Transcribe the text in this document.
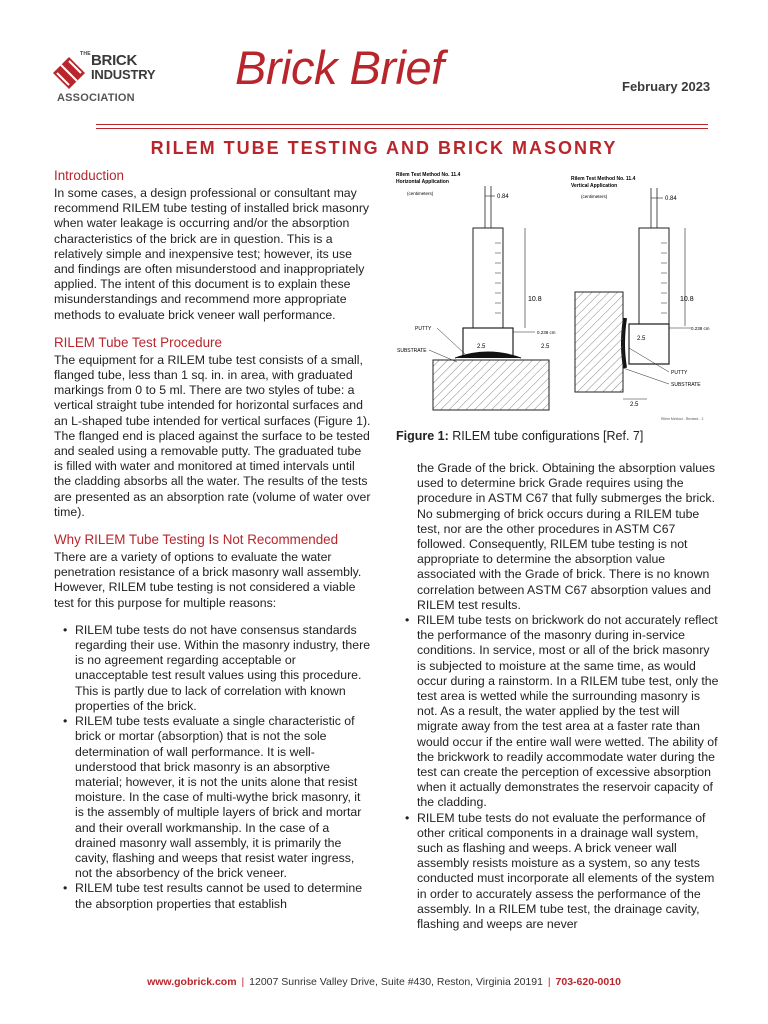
THE BRICK
INDUSTRY
ASSOCIATION
Brick Brief	February 2023
RILEM TUBE TESTING AND BRICK MASONRY
Introduction

In some cases, a design professional or consultant may recommend RILEM tube testing of installed brick masonry when water leakage is occurring and/or the absorption characteristics of the brick are in question. This is a relatively simple and inexpensive test; however, its use and findings are often misunderstood and inappropriately applied. The intent of this document is to explain these misunderstandings and recommend more appropriate methods to evaluate brick veneer wall performance.

RILEM Tube Test Procedure

The equipment for a RILEM tube test consists of a small, flanged tube, less than 1 sq. in. in area, with graduated markings from 0 to 5 ml. There are two styles of tube: a vertical straight tube intended for horizontal surfaces and an L-shaped tube intended for vertical surfaces (Figure 1). The flanged end is placed against the surface to be tested and sealed using a removable putty. The graduated tube is filled with water and monitored at timed intervals until the cladding absorbs all the water. The results of the tests are presented as an absorption rate (volume of water over time).

Why RILEM Tube Testing Is Not Recommended

There are a variety of options to evaluate the water penetration resistance of a brick masonry wall assembly. However, RILEM tube testing is not considered a viable test for this purpose for multiple reasons:

• RILEM tube tests do not have consensus standards regarding their use. Within the masonry industry, there is no agreement regarding acceptable or unacceptable test result values using this procedure. This is partly due to lack of correlation with known properties of the brick.
• RILEM tube tests evaluate a single characteristic of brick or mortar (absorption) that is not the sole determination of wall performance. It is well-understood that brick masonry is an absorptive material; however, it is not the units alone that resist moisture. In the case of multi-wythe brick masonry, it is the assembly of multiple layers of brick and mortar and their overall workmanship. In the case of a drained masonry wall assembly, it is primarily the cavity, flashing and weeps that resist water ingress, not the absorbency of the brick veneer.
• RILEM tube test results cannot be used to determine the absorption properties that establish
Rilem Test Method No. 11.4
Horizontal Application
(centimeters)
0.84
10.8
0.238 cm
2.5	2.5
PUTTY
SUBSTRATE
Rilem Test Method No. 11.4
Vertical Application
(centimeters)	0.84
10.8
0.238 cm
2.5
PUTTY
SUBSTRATE
2.5
Rilem Method - Revised - 2
Figure 1: RILEM tube configurations [Ref. 7]

the Grade of the brick. Obtaining the absorption values used to determine brick Grade requires using the procedure in ASTM C67 that fully submerges the brick. No submerging of brick occurs during a RILEM tube test, nor are the other procedures in ASTM C67 followed. Consequently, RILEM tube testing is not appropriate to determine the absorption value associated with the Grade of brick. There is no known correlation between ASTM C67 absorption values and RILEM test results.

• RILEM tube tests on brickwork do not accurately reflect the performance of the masonry during in-service conditions. In service, most or all of the brick masonry is subjected to moisture at the same time, as would occur during a rainstorm. In a RILEM tube test, only the test area is wetted while the surrounding masonry is not. As a result, the water applied by the test will migrate away from the test area at a faster rate than would occur if the entire wall were wetted. The ability of the brickwork to readily accommodate water during the test can create the perception of excessive absorption when it actually demonstrates the reservoir capacity of the cladding.
• RILEM tube tests do not evaluate the performance of other critical components in a drainage wall system, such as flashing and weeps. A brick veneer wall assembly resists moisture as a system, so any tests conducted must incorporate all elements of the system in order to accurately assess the performance of the assembly. In a RILEM tube test, the drainage cavity, flashing and weeps are never
www.gobrick.com | 12007 Sunrise Valley Drive, Suite #430, Reston, Virginia 20191 | 703-620-0010
